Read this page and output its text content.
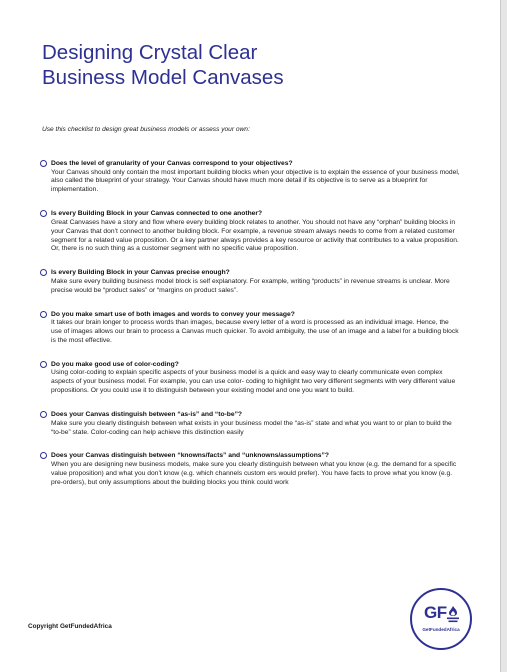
Designing Crystal Clear
Business Model Canvases
Use this checklist to design great business models or assess your own:
Does the level of granularity of your Canvas correspond to your objectives?
Your Canvas should only contain the most important building blocks when your objective is to explain the essence of your business model, also called the blueprint of your strategy. Your Canvas should have much more detail if its objective is to serve as a blueprint for implementation.
Is every Building Block in your Canvas connected to one another?
Great Canvases have a story and flow where every building block relates to another. You should not have any “orphan” building blocks in your Canvas that don’t connect to another building block. For example, a revenue stream always needs to come from a related customer segment for a related value proposition. Or a key partner always provides a key resource or activity that contributes to a value proposition. Or, there is no such thing as a customer segment with no specific value proposition.
Is every Building Block in your Canvas precise enough?
Make sure every building business model block is self explanatory. For example, writing “products” in revenue streams is unclear. More precise would be “product sales” or “margins on product sales”.
Do you make smart use of both images and words to convey your message?
It takes our brain longer to process words than images, because every letter of a word is processed as an individual image. Hence, the use of images allows our brain to process a Canvas much quicker. To avoid ambiguity, the use of an image and a label for a building block is the most effective.
Do you make good use of color-coding?
Using color-coding to explain specific aspects of your business model is a quick and easy way to clearly communicate even complex aspects of your business model. For example, you can use color- coding to highlight two very different segments with very different value propositions. Or you could use it to distinguish between your existing model and one you want to build.
Does your Canvas distinguish between “as-is” and “to-be”?
Make sure you clearly distinguish between what exists in your business model the “as-is” state and what you want to or plan to build the “to-be” state. Color-coding can help achieve this distinction easily
Does your Canvas distinguish between “knowns/facts” and “unknowns/assumptions”?
When you are designing new business models, make sure you clearly distinguish between what you know (e.g. the demand for a specific value proposition) and what you don’t know (e.g. which channels custom ers would prefer). You have facts to prove what you know (e.g. pre-orders), but only assumptions about the building blocks you think could work
Copyright GetFundedAfrica
GF
GetFundedAfrica
